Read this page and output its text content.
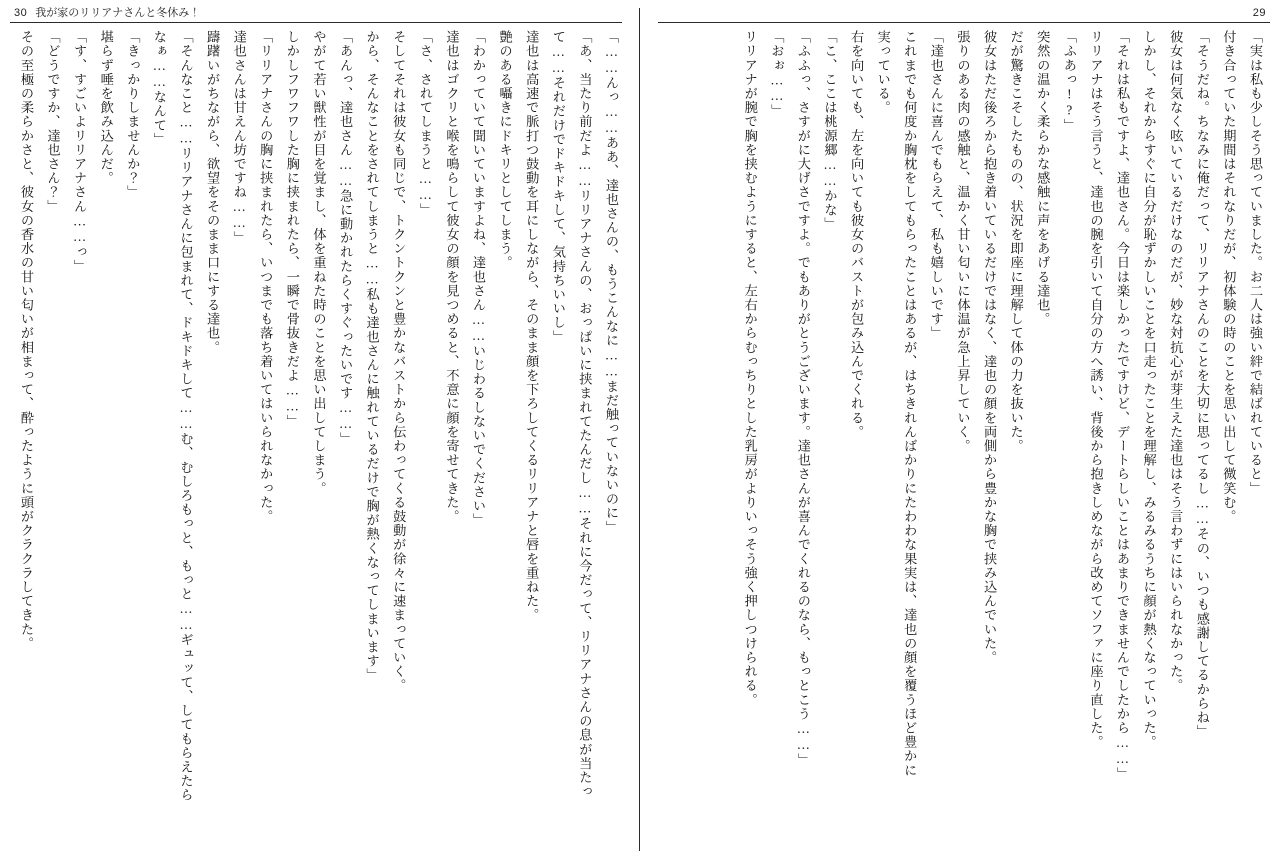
30 我が家のリリアナさんと冬休み！

「……んっ……ああ、達也さんの、もうこんなに……まだ触っていないのに」

「あ、当たり前だよ……リリアナさんの、おっぱいに挟まれてたんだし……それに今だって、リリアナさんの息が当たっ

て……それだけでドキドキして、気持ちいいし」

達也は高速で脈打つ鼓動を耳にしながら、そのまま顔を下ろしてくるリリアナと唇を重ねた。

艶のある囁きにドキリとしてしまう。

「わかっていて聞いていますよね、達也さん……いじわるしないでください」

達也はゴクリと喉を鳴らして彼女の顔を見つめると、不意に顔を寄せてきた。

「さ、されてしまうと……」

そしてそれは彼女も同じで、トクントクンと豊かなバストから伝わってくる鼓動が徐々に速まっていく。

から、そんなことをされてしまうと……私も達也さんに触れているだけで胸が熱くなってしまいます」

「あんっ、達也さん……急に動かれたらくすぐったいです……」

やがて若い獣性が目を覚まし、体を重ねた時のことを思い出してしまう。

しかしフワフワした胸に挟まれたら、一瞬で骨抜きだよ……」

「リリアナさんの胸に挟まれたら、いつまでも落ち着いてはいられなかった。

達也さんは甘えん坊ですね……」

躊躇いがちながら、欲望をそのまま口にする達也。

「そんなこと……リリアナさんに包まれて、ドキドキして……む、むしろもっと、もっと……ギュッて、してもらえたら

なぁ……なんて」

「きっかりしませんか？」

堪らず唾を飲み込んだ。

「す、すごいよリリアナさん……っ」

「どうですか、達也さん？」

その至極の柔らかさと、彼女の香水の甘い匂いが相まって、酔ったように頭がクラクラしてきた。

29

「実は私も少しそう思っていました。お二人は強い絆で結ばれていると」

付き合っていた期間はそれなりだが、初体験の時のことを思い出して微笑む。

「そうだね。ちなみに俺だって、リリアナさんのことを大切に思ってるし……その、いつも感謝してるからね」

彼女は何気なく呟いているだけなのだが、妙な対抗心が芽生えた達也はそう言わずにはいられなかった。

しかし、それからすぐに自分が恥ずかしいことを口走ったことを理解し、みるみるうちに顔が熱くなっていった。

「それは私もですよ、達也さん。今日は楽しかったですけど、デートらしいことはあまりできませんでしたから……」

リリアナはそう言うと、達也の腕を引いて自分の方へ誘い、背後から抱きしめながら改めてソファに座り直した。

「ふあっ!?」

突然の温かく柔らかな感触に声をあげる達也。

だが驚きこそしたものの、状況を即座に理解して体の力を抜いた。

彼女はただ後ろから抱き着いているだけではなく、達也の顔を両側から豊かな胸で挟み込んでいた。

張りのある肉の感触と、温かく甘い匂いに体温が急上昇していく。

「達也さんに喜んでもらえて、私も嬉しいです」

これまでも何度か胸枕をしてもらったことはあるが、はちきれんばかりにたわわな果実は、達也の顔を覆うほど豊かに

実っている。

右を向いても、左を向いても彼女のバストが包み込んでくれる。

「こ、ここは桃源郷……かな」

「ふふっ、さすがに大げさですよ。でもありがとうございます。達也さんが喜んでくれるのなら、もっとこう……」

「おぉ……」

リリアナが腕で胸を挟むようにすると、左右からむっちりとした乳房がよりいっそう強く押しつけられる。
